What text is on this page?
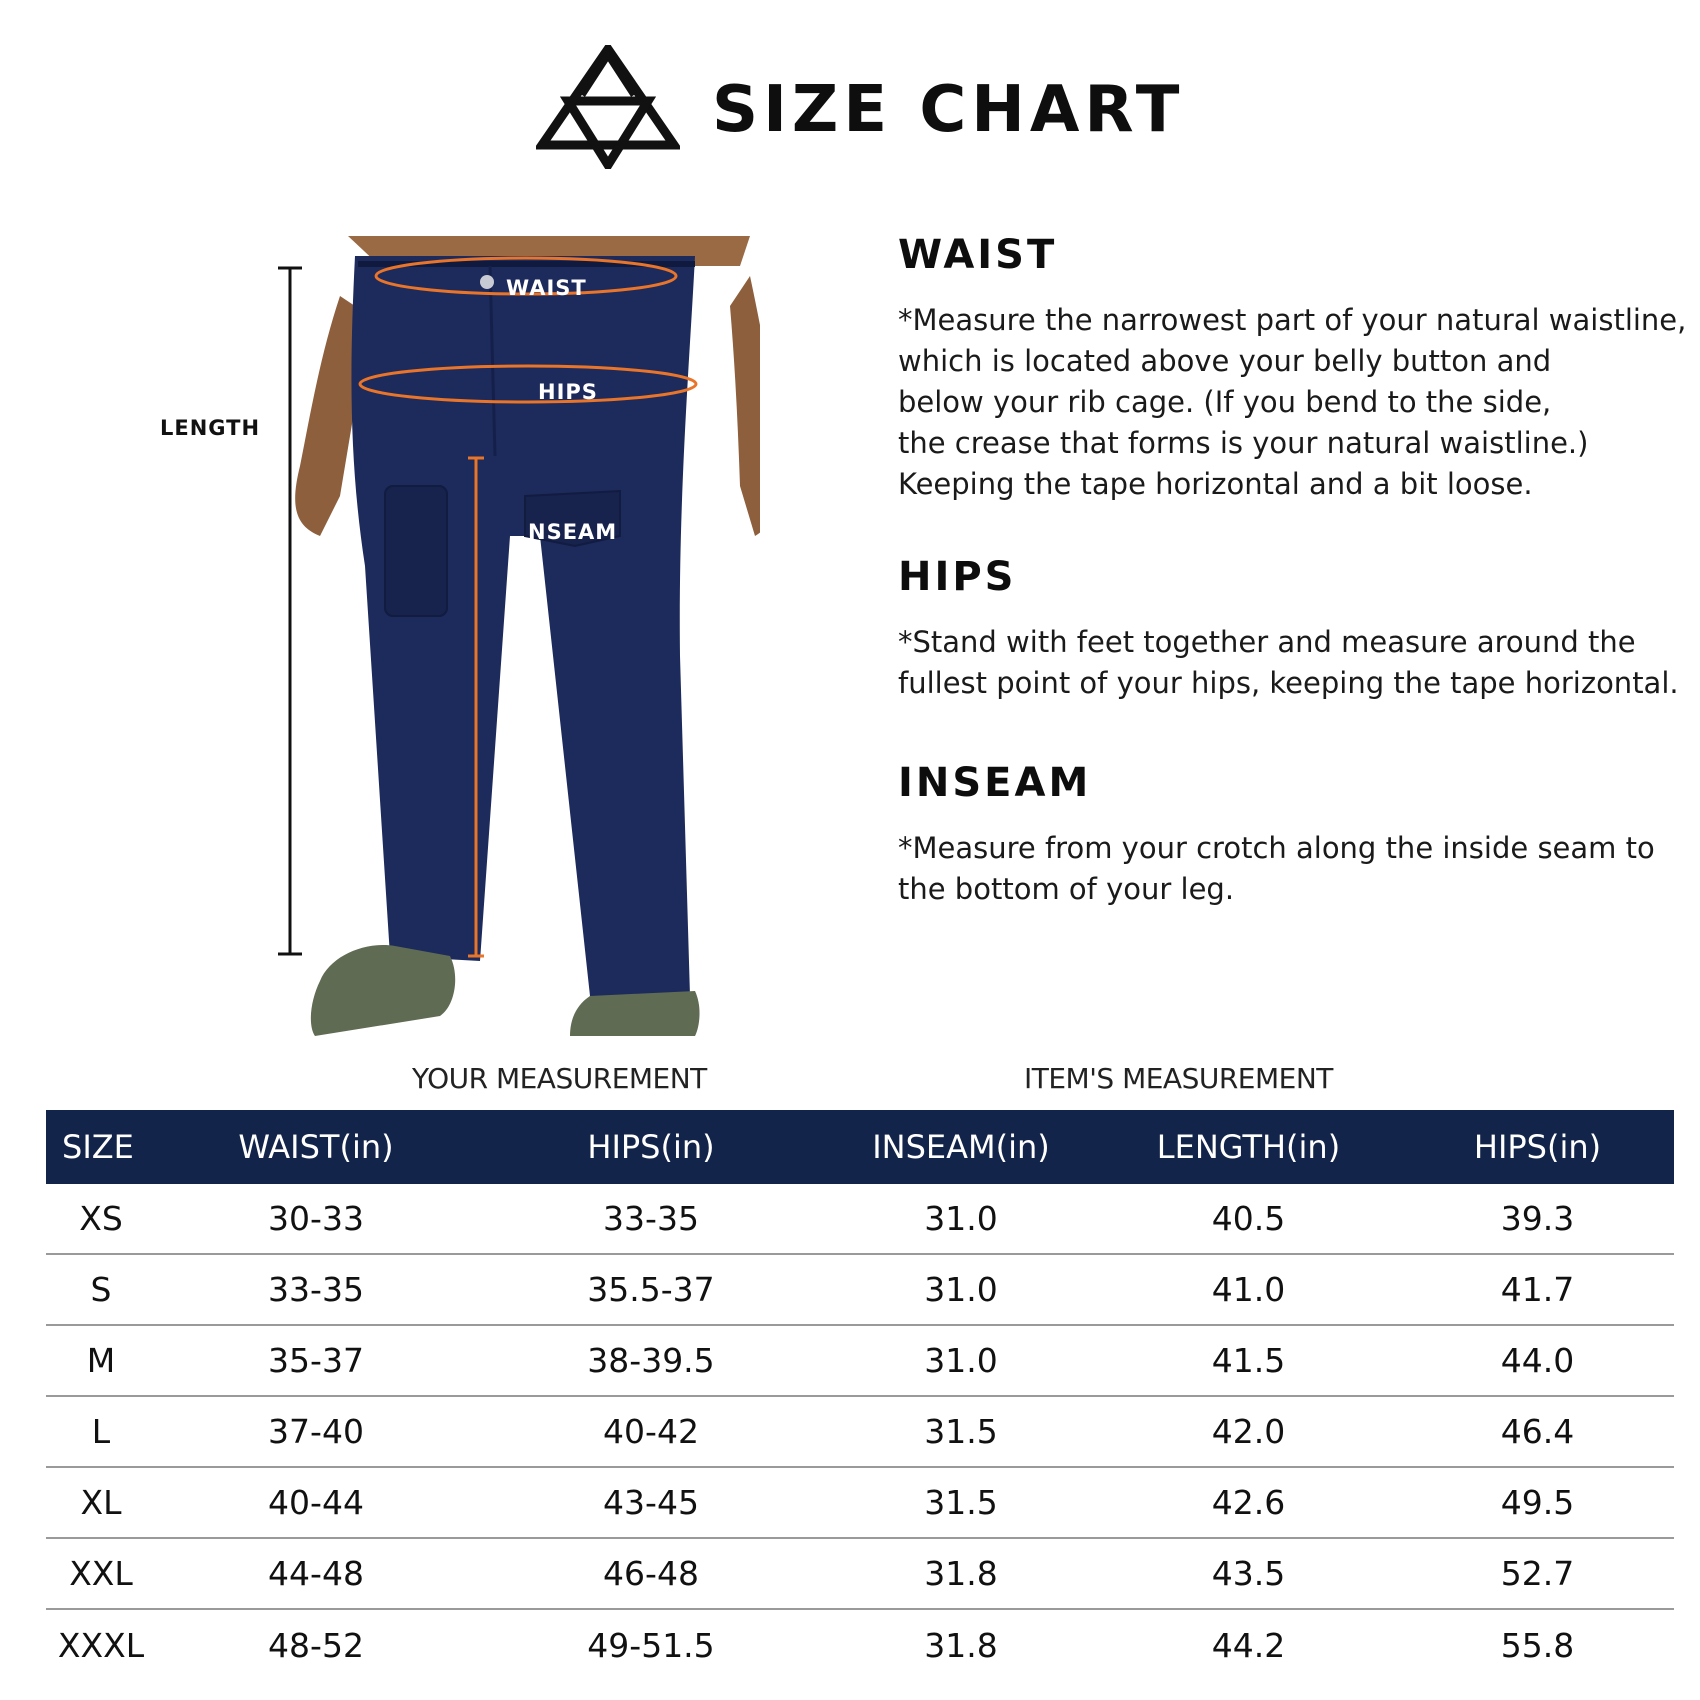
SIZE CHART
LENGTH
WAIST
HIPS
NSEAM
WAIST
*Measure the narrowest part of your natural waistline,
which is located above your belly button and
below your rib cage. (If you bend to the side,
the crease that forms is your natural waistline.)
Keeping the tape horizontal and a bit loose.
HIPS
*Stand with feet together and measure around the
fullest point of your hips, keeping the tape horizontal.
INSEAM
*Measure from your crotch along the inside seam to
the bottom of your leg.
YOUR MEASUREMENT	ITEM'S MEASUREMENT
SIZE	WAIST(in)	HIPS(in)	INSEAM(in)	LENGTH(in)	HIPS(in)
XS	30-33	33-35	31.0	40.5	39.3
S	33-35	35.5-37	31.0	41.0	41.7
M	35-37	38-39.5	31.0	41.5	44.0
L	37-40	40-42	31.5	42.0	46.4
XL	40-44	43-45	31.5	42.6	49.5
XXL	44-48	46-48	31.8	43.5	52.7
XXXL	48-52	49-51.5	31.8	44.2	55.8
